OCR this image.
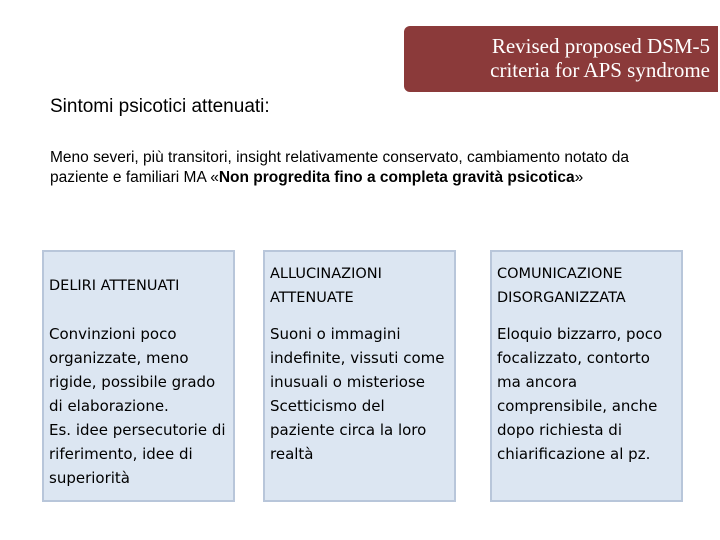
Revised proposed DSM-5
criteria for APS syndrome
Sintomi psicotici attenuati:
Meno severi, più transitori, insight relativamente conservato, cambiamento notato da paziente e familiari MA «Non progredita fino a completa gravità psicotica»
DELIRI ATTENUATI
Convinzioni poco organizzate, meno rigide, possibile grado di elaborazione.
Es. idee persecutorie di riferimento, idee di superiorità
ALLUCINAZIONI ATTENUATE
Suoni o immagini indefinite, vissuti come inusuali o misteriose
Scetticismo del paziente circa la loro realtà
COMUNICAZIONE DISORGANIZZATA
Eloquio bizzarro, poco focalizzato, contorto ma ancora comprensibile, anche dopo richiesta di chiarificazione al pz.
